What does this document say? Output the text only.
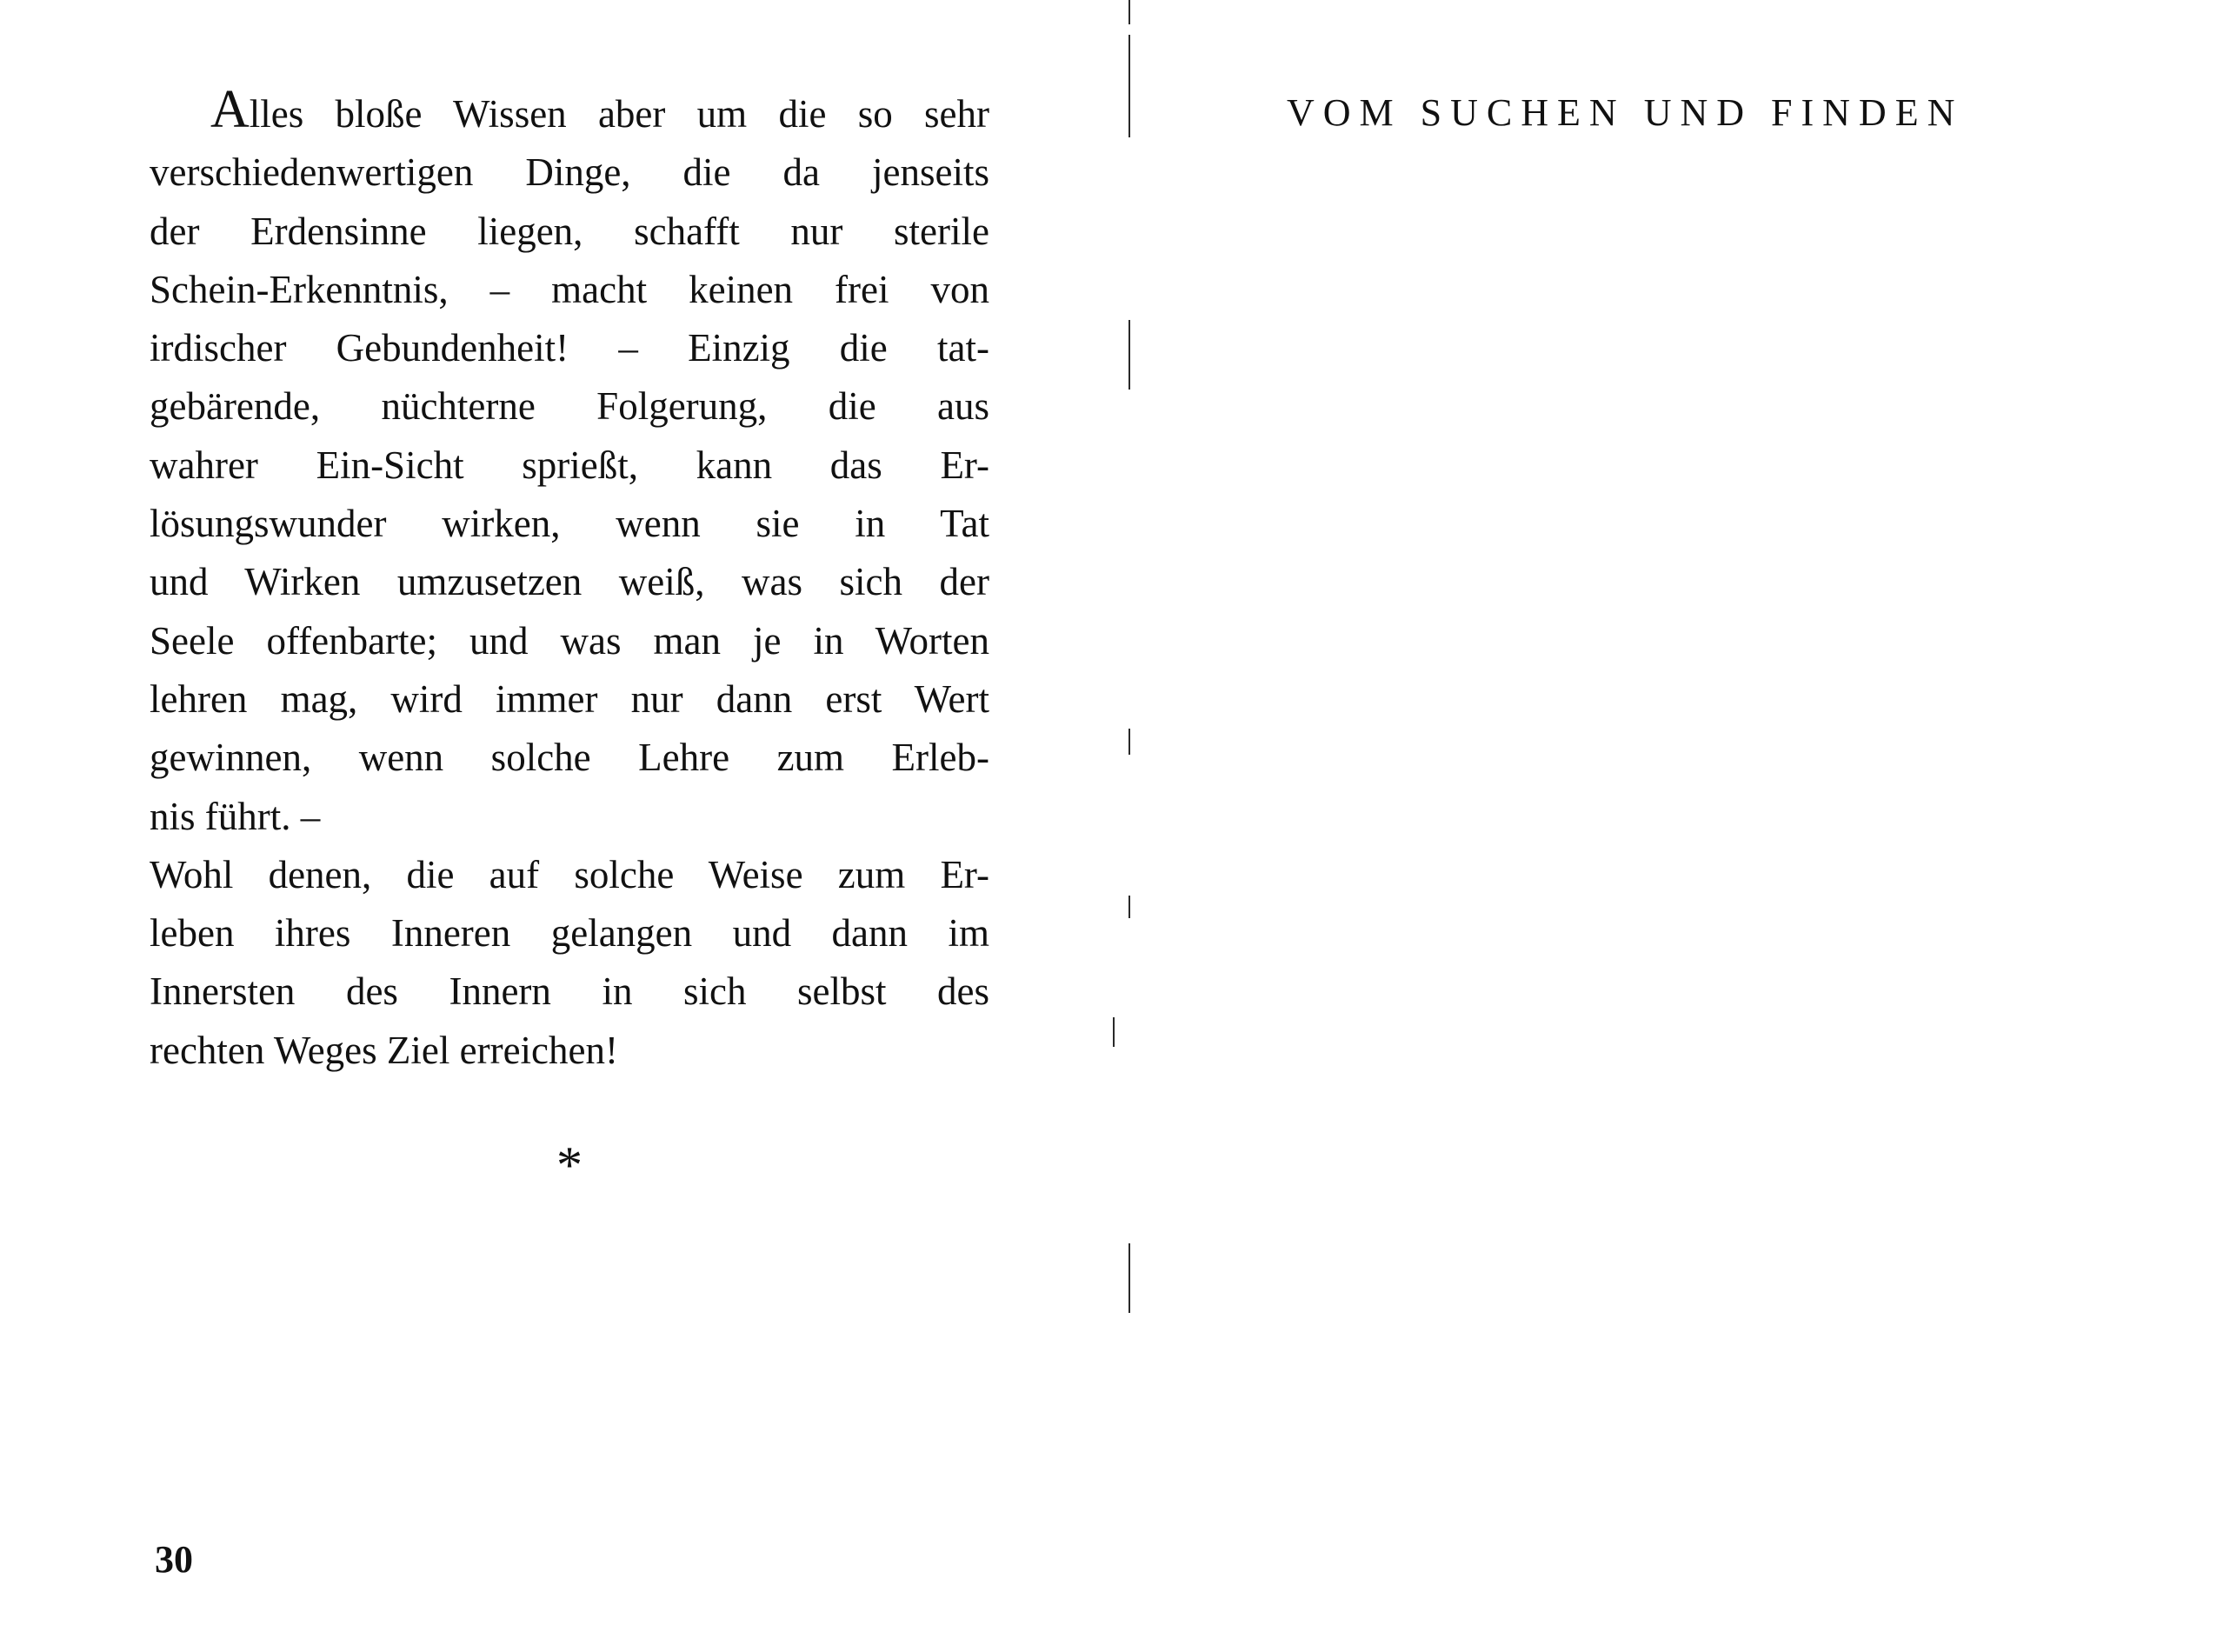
Alles bloße Wissen aber um die so sehr
verschiedenwertigen Dinge, die da jenseits
der Erdensinne liegen, schafft nur sterile
Schein-Erkenntnis, – macht keinen frei von
irdischer Gebundenheit! – Einzig die tat-
gebärende, nüchterne Folgerung, die aus
wahrer Ein-Sicht sprießt, kann das Er-
lösungswunder wirken, wenn sie in Tat
und Wirken umzusetzen weiß, was sich der
Seele offenbarte; und was man je in Worten
lehren mag, wird immer nur dann erst Wert
gewinnen, wenn solche Lehre zum Erleb-
nis führt. –
Wohl denen, die auf solche Weise zum Er-
leben ihres Inneren gelangen und dann im
Innersten des Innern in sich selbst des
rechten Weges Ziel erreichen!
*
30
VOM SUCHEN UND FINDEN
